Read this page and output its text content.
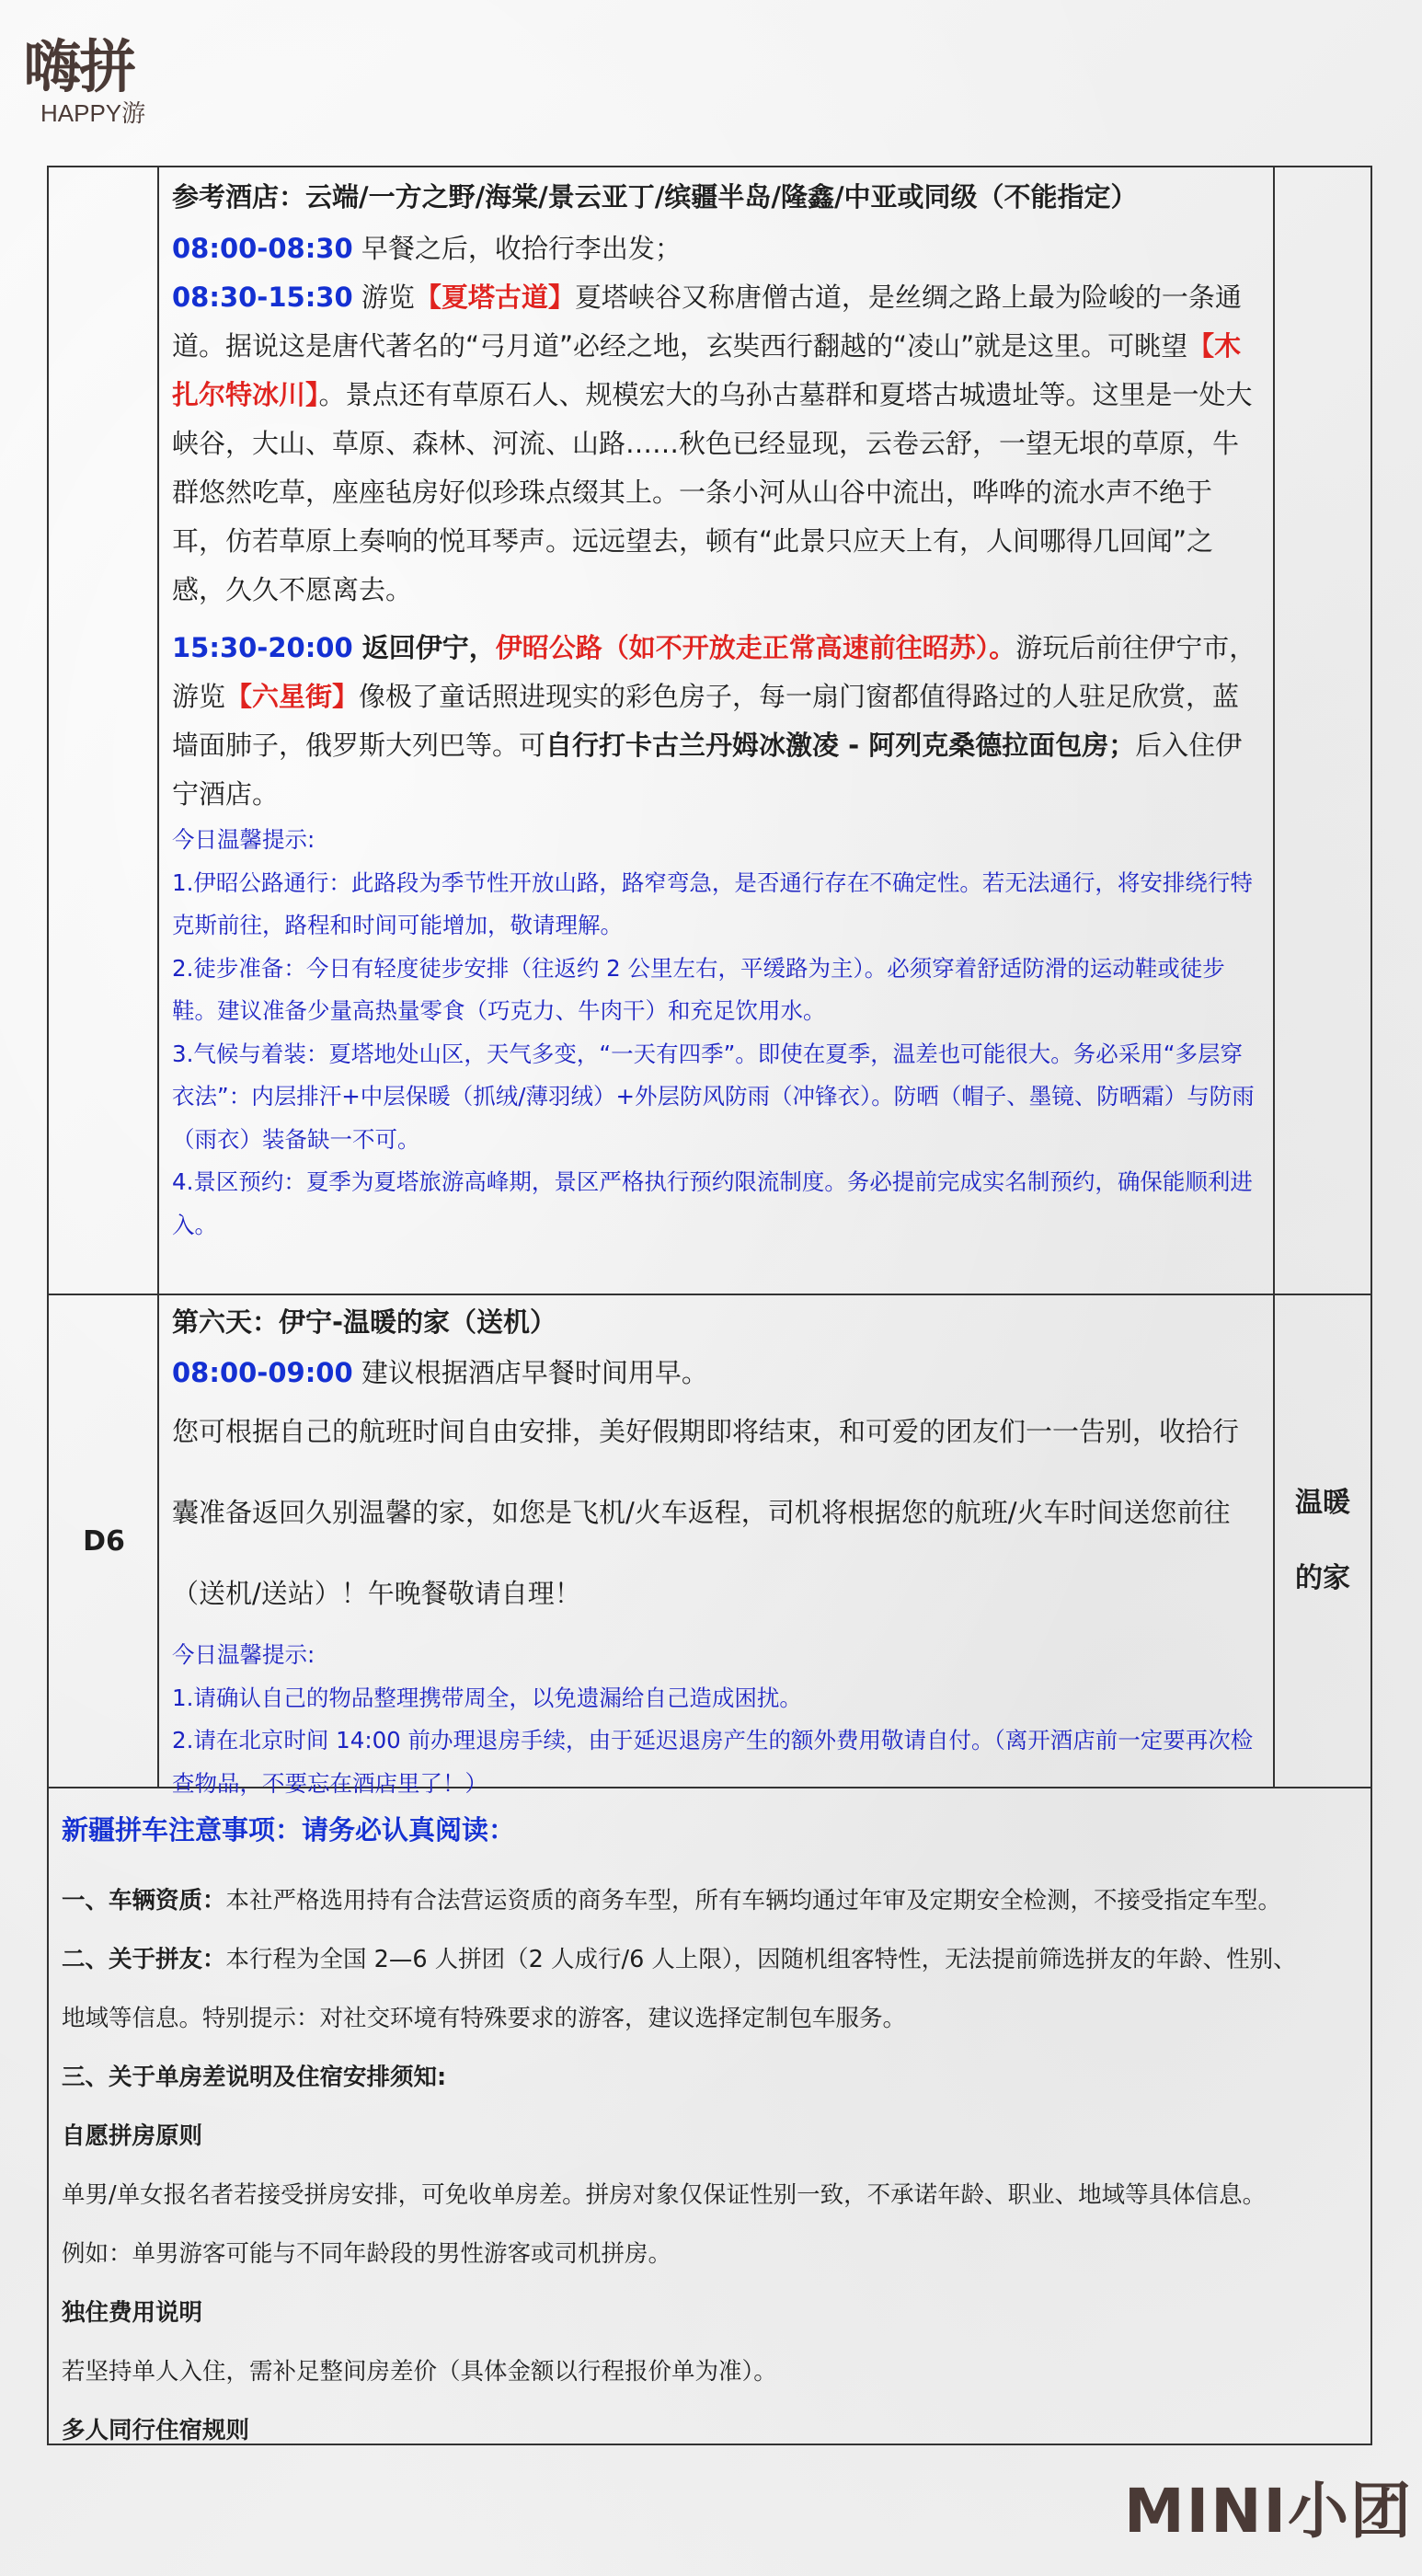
嗨拼
HAPPY游
参考酒店：云端/一方之野/海棠/景云亚丁/缤疆半岛/隆鑫/中亚或同级（不能指定）

08:00-08:30 早餐之后，收拾行李出发；

08:30-15:30 游览【夏塔古道】夏塔峡谷又称唐僧古道，是丝绸之路上最为险峻的一条通道。据说这是唐代著名的“弓月道”必经之地，玄奘西行翻越的“凌山”就是这里。可眺望【木扎尔特冰川】。景点还有草原石人、规模宏大的乌孙古墓群和夏塔古城遗址等。这里是一处大峡谷，大山、草原、森林、河流、山路……秋色已经显现，云卷云舒，一望无垠的草原，牛群悠然吃草，座座毡房好似珍珠点缀其上。一条小河从山谷中流出，哗哗的流水声不绝于耳，仿若草原上奏响的悦耳琴声。远远望去，顿有“此景只应天上有，人间哪得几回闻”之感，久久不愿离去。

15:30-20:00 返回伊宁，伊昭公路（如不开放走正常高速前往昭苏）。游玩后前往伊宁市，游览【六星街】像极了童话照进现实的彩色房子，每一扇门窗都值得路过的人驻足欣赏，蓝墙面肺子，俄罗斯大列巴等。可自行打卡古兰丹姆冰激凌 - 阿列克桑德拉面包房；后入住伊宁酒店。

今日温馨提示:

1.伊昭公路通行：此路段为季节性开放山路，路窄弯急，是否通行存在不确定性。若无法通行，将安排绕行特克斯前往，路程和时间可能增加，敬请理解。

2.徒步准备：今日有轻度徒步安排（往返约 2 公里左右，平缓路为主）。必须穿着舒适防滑的运动鞋或徒步鞋。建议准备少量高热量零食（巧克力、牛肉干）和充足饮用水。

3.气候与着装：夏塔地处山区，天气多变，“一天有四季”。即使在夏季，温差也可能很大。务必采用“多层穿衣法”：内层排汗+中层保暖（抓绒/薄羽绒）+外层防风防雨（冲锋衣）。防晒（帽子、墨镜、防晒霜）与防雨（雨衣）装备缺一不可。

4.景区预约：夏季为夏塔旅游高峰期，景区严格执行预约限流制度。务必提前完成实名制预约，确保能顺利进入。

D6
第六天：伊宁-温暖的家（送机）

08:00-09:00 建议根据酒店早餐时间用早。

您可根据自己的航班时间自由安排，美好假期即将结束，和可爱的团友们一一告别，收拾行囊准备返回久别温馨的家，如您是飞机/火车返程，司机将根据您的航班/火车时间送您前往（送机/送站）！午晚餐敬请自理！

今日温馨提示:

1.请确认自己的物品整理携带周全，以免遗漏给自己造成困扰。

2.请在北京时间 14:00 前办理退房手续，由于延迟退房产生的额外费用敬请自付。（离开酒店前一定要再次检查物品，不要忘在酒店里了！）

温暖的家
新疆拼车注意事项：请务必认真阅读：

一、车辆资质：本社严格选用持有合法营运资质的商务车型，所有车辆均通过年审及定期安全检测，不接受指定车型。

二、关于拼友：本行程为全国 2—6 人拼团（2 人成行/6 人上限），因随机组客特性，无法提前筛选拼友的年龄、性别、

地域等信息。特别提示：对社交环境有特殊要求的游客，建议选择定制包车服务。

三、关于单房差说明及住宿安排须知:

自愿拼房原则

单男/单女报名者若接受拼房安排，可免收单房差。拼房对象仅保证性别一致，不承诺年龄、职业、地域等具体信息。

例如：单男游客可能与不同年龄段的男性游客或司机拼房。

独住费用说明

若坚持单人入住，需补足整间房差价（具体金额以行程报价单为准）。

多人同行住宿规则

MINI小团
